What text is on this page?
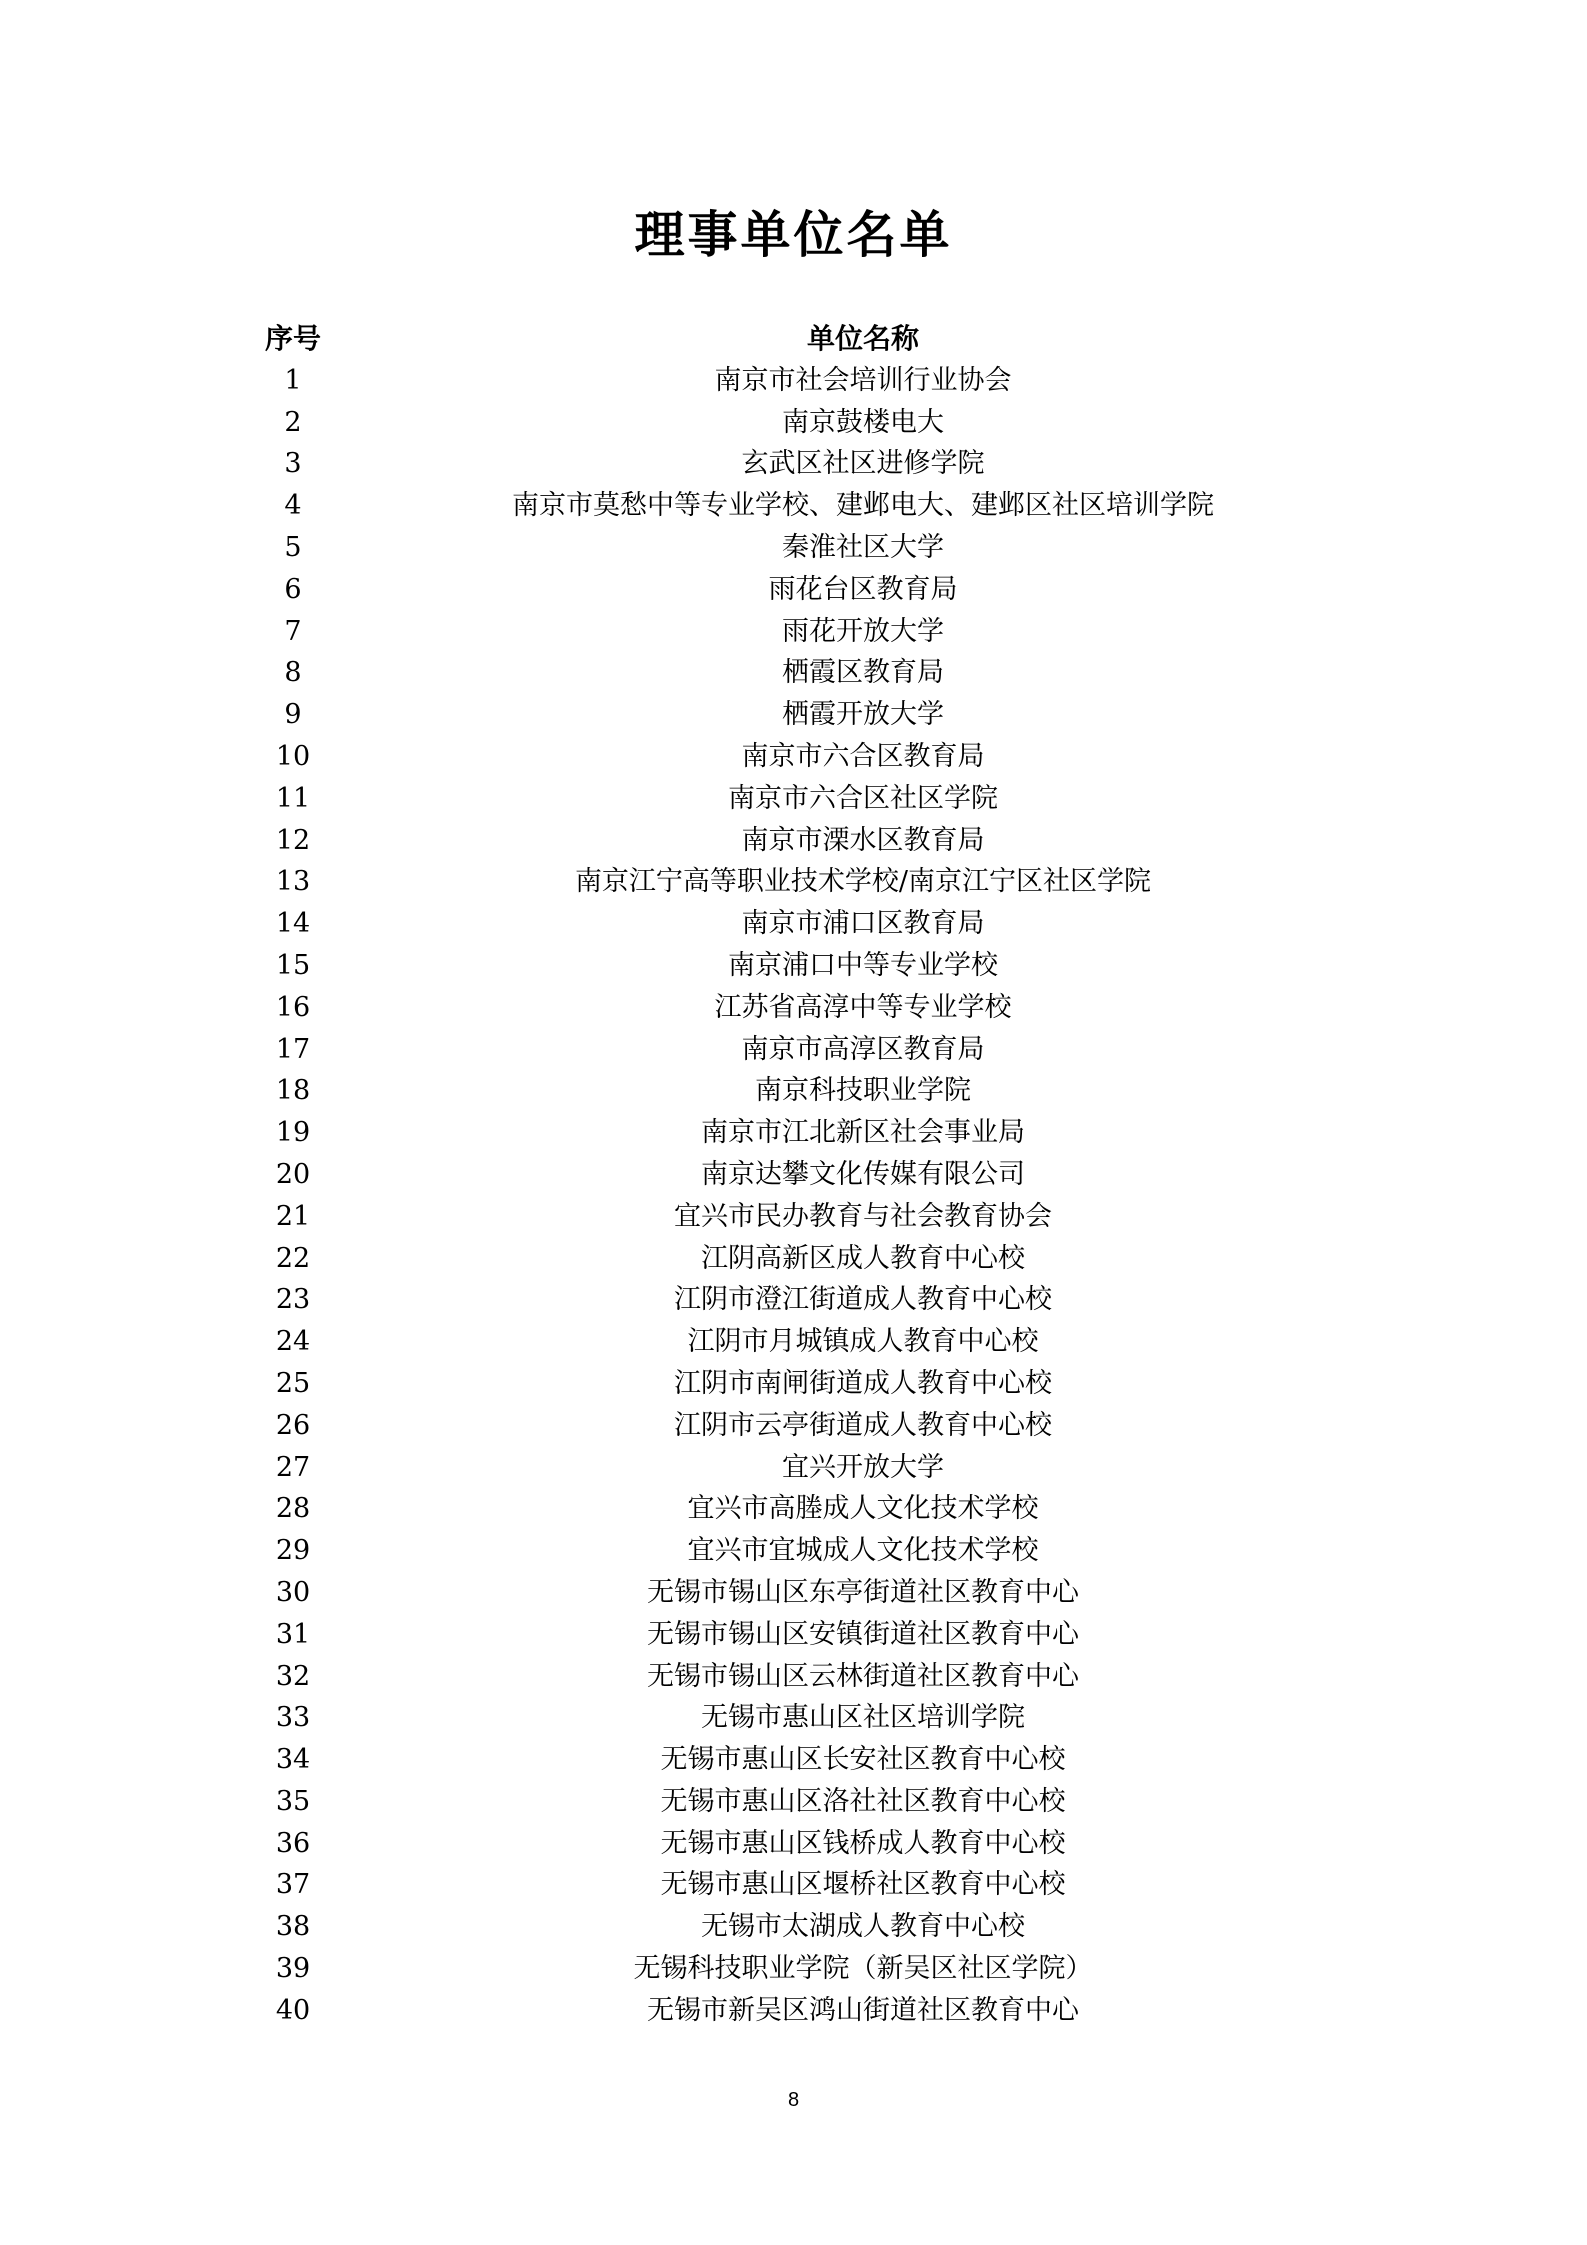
理事单位名单
序号	单位名称
1	南京市社会培训行业协会
2	南京鼓楼电大
3	玄武区社区进修学院
4	南京市莫愁中等专业学校、建邺电大、建邺区社区培训学院
5	秦淮社区大学
6	雨花台区教育局
7	雨花开放大学
8	栖霞区教育局
9	栖霞开放大学
10	南京市六合区教育局
11	南京市六合区社区学院
12	南京市溧水区教育局
13	南京江宁高等职业技术学校/南京江宁区社区学院
14	南京市浦口区教育局
15	南京浦口中等专业学校
16	江苏省高淳中等专业学校
17	南京市高淳区教育局
18	南京科技职业学院
19	南京市江北新区社会事业局
20	南京达攀文化传媒有限公司
21	宜兴市民办教育与社会教育协会
22	江阴高新区成人教育中心校
23	江阴市澄江街道成人教育中心校
24	江阴市月城镇成人教育中心校
25	江阴市南闸街道成人教育中心校
26	江阴市云亭街道成人教育中心校
27	宜兴开放大学
28	宜兴市高塍成人文化技术学校
29	宜兴市宜城成人文化技术学校
30	无锡市锡山区东亭街道社区教育中心
31	无锡市锡山区安镇街道社区教育中心
32	无锡市锡山区云林街道社区教育中心
33	无锡市惠山区社区培训学院
34	无锡市惠山区长安社区教育中心校
35	无锡市惠山区洛社社区教育中心校
36	无锡市惠山区钱桥成人教育中心校
37	无锡市惠山区堰桥社区教育中心校
38	无锡市太湖成人教育中心校
39	无锡科技职业学院（新吴区社区学院）
40	无锡市新吴区鸿山街道社区教育中心
8
